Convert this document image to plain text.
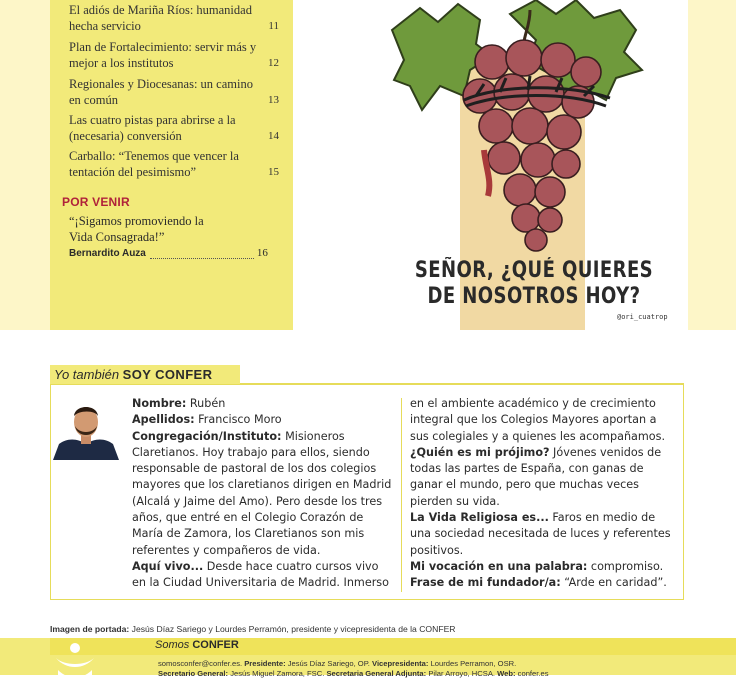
El adiós de Mariña Ríos: humanidad hecha servicio	11
Plan de Fortalecimiento: servir más y mejor a los institutos	12
Regionales y Diocesanas: un camino en común	13
Las cuatro pistas para abrirse a la (necesaria) conversión	14
Carballo: “Tenemos que vencer la tentación del pesimismo”	15
POR VENIR
“¡Sigamos promoviendo la Vida Consagrada!”
Bernardito Auza	16
SEÑOR, ¿QUÉ QUIERES
DE NOSOTROS HOY?
@ori_cuatrop
Yo también SOY CONFER

Nombre: Rubén

Apellidos: Francisco Moro

Congregación/Instituto: Misioneros Claretianos. Hoy trabajo para ellos, siendo responsable de pastoral de los dos colegios mayores que los claretianos dirigen en Madrid (Alcalá y Jaime del Amo). Pero desde los tres años, que entré en el Colegio Corazón de María de Zamora, los Claretianos son mis referentes y compañeros de vida.

Aquí vivo... Desde hace cuatro cursos vivo en la Ciudad Universitaria de Madrid. Inmerso

en el ambiente académico y de crecimiento integral que los Colegios Mayores aportan a sus colegiales y a quienes les acompañamos.

¿Quién es mi prójimo? Jóvenes venidos de todas las partes de España, con ganas de ganar el mundo, pero que muchas veces pierden su vida.

La Vida Religiosa es... Faros en medio de una sociedad necesitada de luces y referentes positivos.

Mi vocación en una palabra: compromiso.

Frase de mi fundador/a: “Arde en caridad”.

Imagen de portada: Jesús Díaz Sariego y Lourdes Perramón, presidente y vicepresidenta de la CONFER
Somos CONFER
somosconfer@confer.es. Presidente: Jesús Díaz Sariego, OP. Vicepresidenta: Lourdes Perramon, OSR.
Secretario General: Jesús Miguel Zamora, FSC. Secretaria General Adjunta: Pilar Arroyo, HCSA. Web: confer.es
